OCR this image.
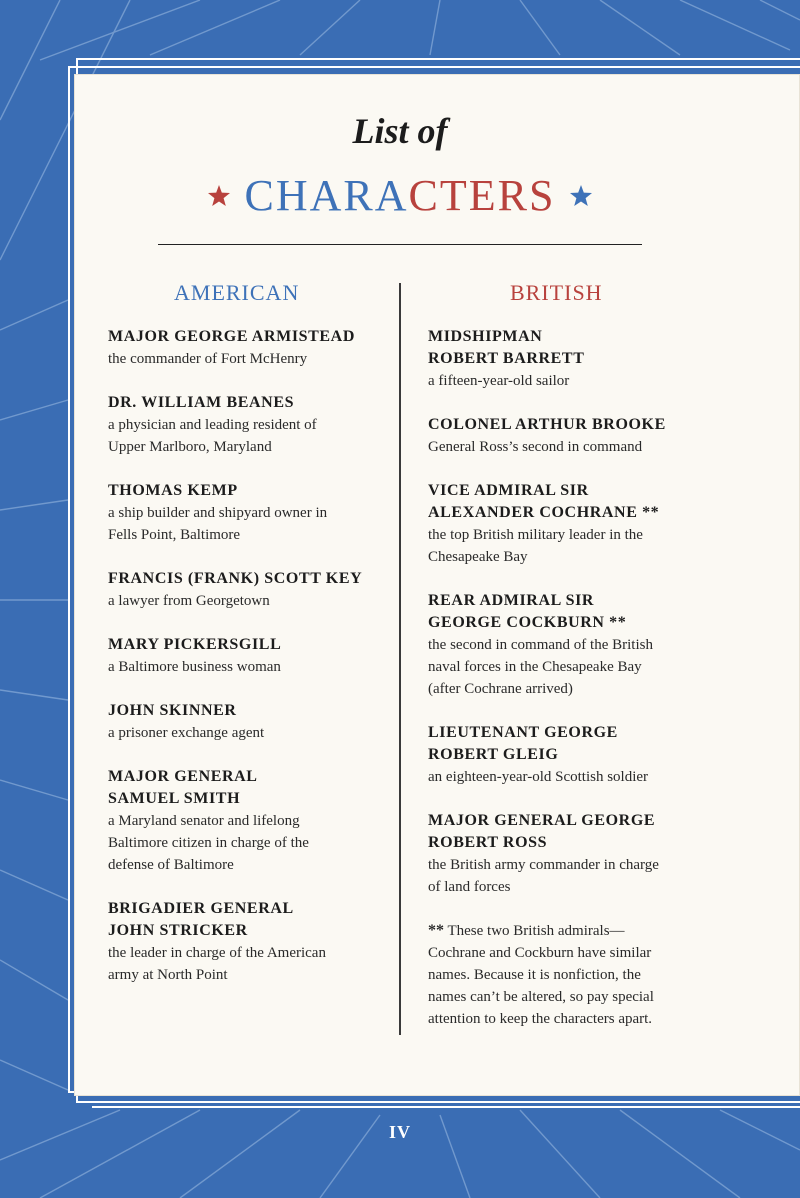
List of
CHARACTERS
AMERICAN	BRITISH
MAJOR GEORGE ARMISTEAD
the commander of Fort McHenry
DR. WILLIAM BEANES
a physician and leading resident of
Upper Marlboro, Maryland
THOMAS KEMP
a ship builder and shipyard owner in
Fells Point, Baltimore
FRANCIS (FRANK) SCOTT KEY
a lawyer from Georgetown
MARY PICKERSGILL
a Baltimore business woman
JOHN SKINNER
a prisoner exchange agent
MAJOR GENERAL
SAMUEL SMITH
a Maryland senator and lifelong
Baltimore citizen in charge of the
defense of Baltimore
BRIGADIER GENERAL
JOHN STRICKER
the leader in charge of the American
army at North Point
MIDSHIPMAN
ROBERT BARRETT
a fifteen-year-old sailor
COLONEL ARTHUR BROOKE
General Ross’s second in command
VICE ADMIRAL SIR
ALEXANDER COCHRANE **
the top British military leader in the
Chesapeake Bay
REAR ADMIRAL SIR
GEORGE COCKBURN **
the second in command of the British
naval forces in the Chesapeake Bay
(after Cochrane arrived)
LIEUTENANT GEORGE
ROBERT GLEIG
an eighteen-year-old Scottish soldier
MAJOR GENERAL GEORGE
ROBERT ROSS
the British army commander in charge
of land forces
** These two British admirals—
Cochrane and Cockburn have similar
names. Because it is nonfiction, the
names can’t be altered, so pay special
attention to keep the characters apart.
IV
